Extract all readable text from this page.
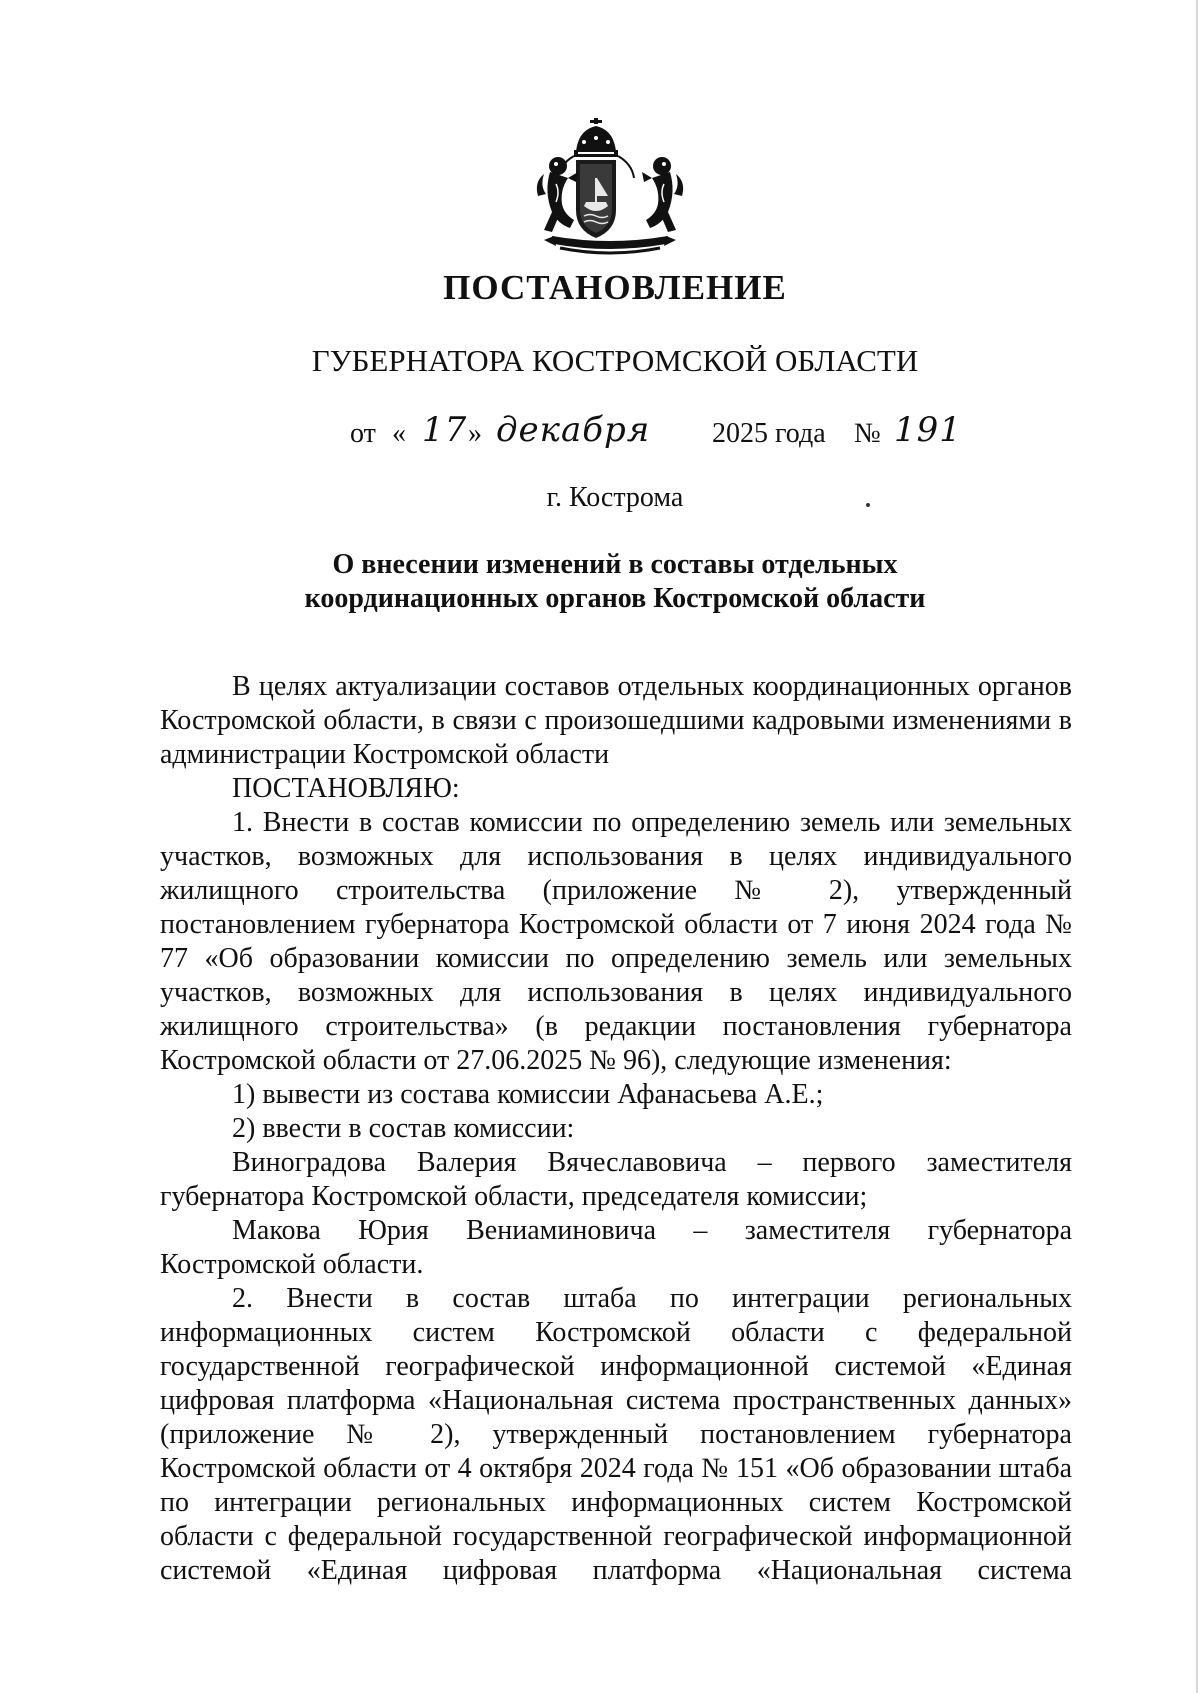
ПОСТАНОВЛЕНИЕ
ГУБЕРНАТОРА КОСТРОМСКОЙ ОБЛАСТИ
от « 17 » декабря 2025 года № 191
г. Кострома
О внесении изменений в составы отдельных
координационных органов Костромской области

В целях актуализации составов отдельных координационных органов Костромской области, в связи с произошедшими кадровыми изменениями в администрации Костромской области

ПОСТАНОВЛЯЮ:

1. Внести в состав комиссии по определению земель или земельных участков, возможных для использования в целях индивидуального жилищного строительства (приложение № 2), утвержденный постановлением губернатора Костромской области от 7 июня 2024 года № 77 «Об образовании комиссии по определению земель или земельных участков, возможных для использования в целях индивидуального жилищного строительства» (в редакции постановления губернатора Костромской области от 27.06.2025 № 96), следующие изменения:

1) вывести из состава комиссии Афанасьева А.Е.;

2) ввести в состав комиссии:

Виноградова Валерия Вячеславовича – первого заместителя губернатора Костромской области, председателя комиссии;

Макова Юрия Вениаминовича – заместителя губернатора Костромской области.

2. Внести в состав штаба по интеграции региональных информационных систем Костромской области с федеральной государственной географической информационной системой «Единая цифровая платформа «Национальная система пространственных данных» (приложение № 2), утвержденный постановлением губернатора Костромской области от 4 октября 2024 года № 151 «Об образовании штаба по интеграции региональных информационных систем Костромской области с федеральной государственной географической информационной системой «Единая цифровая платформа «Национальная система
